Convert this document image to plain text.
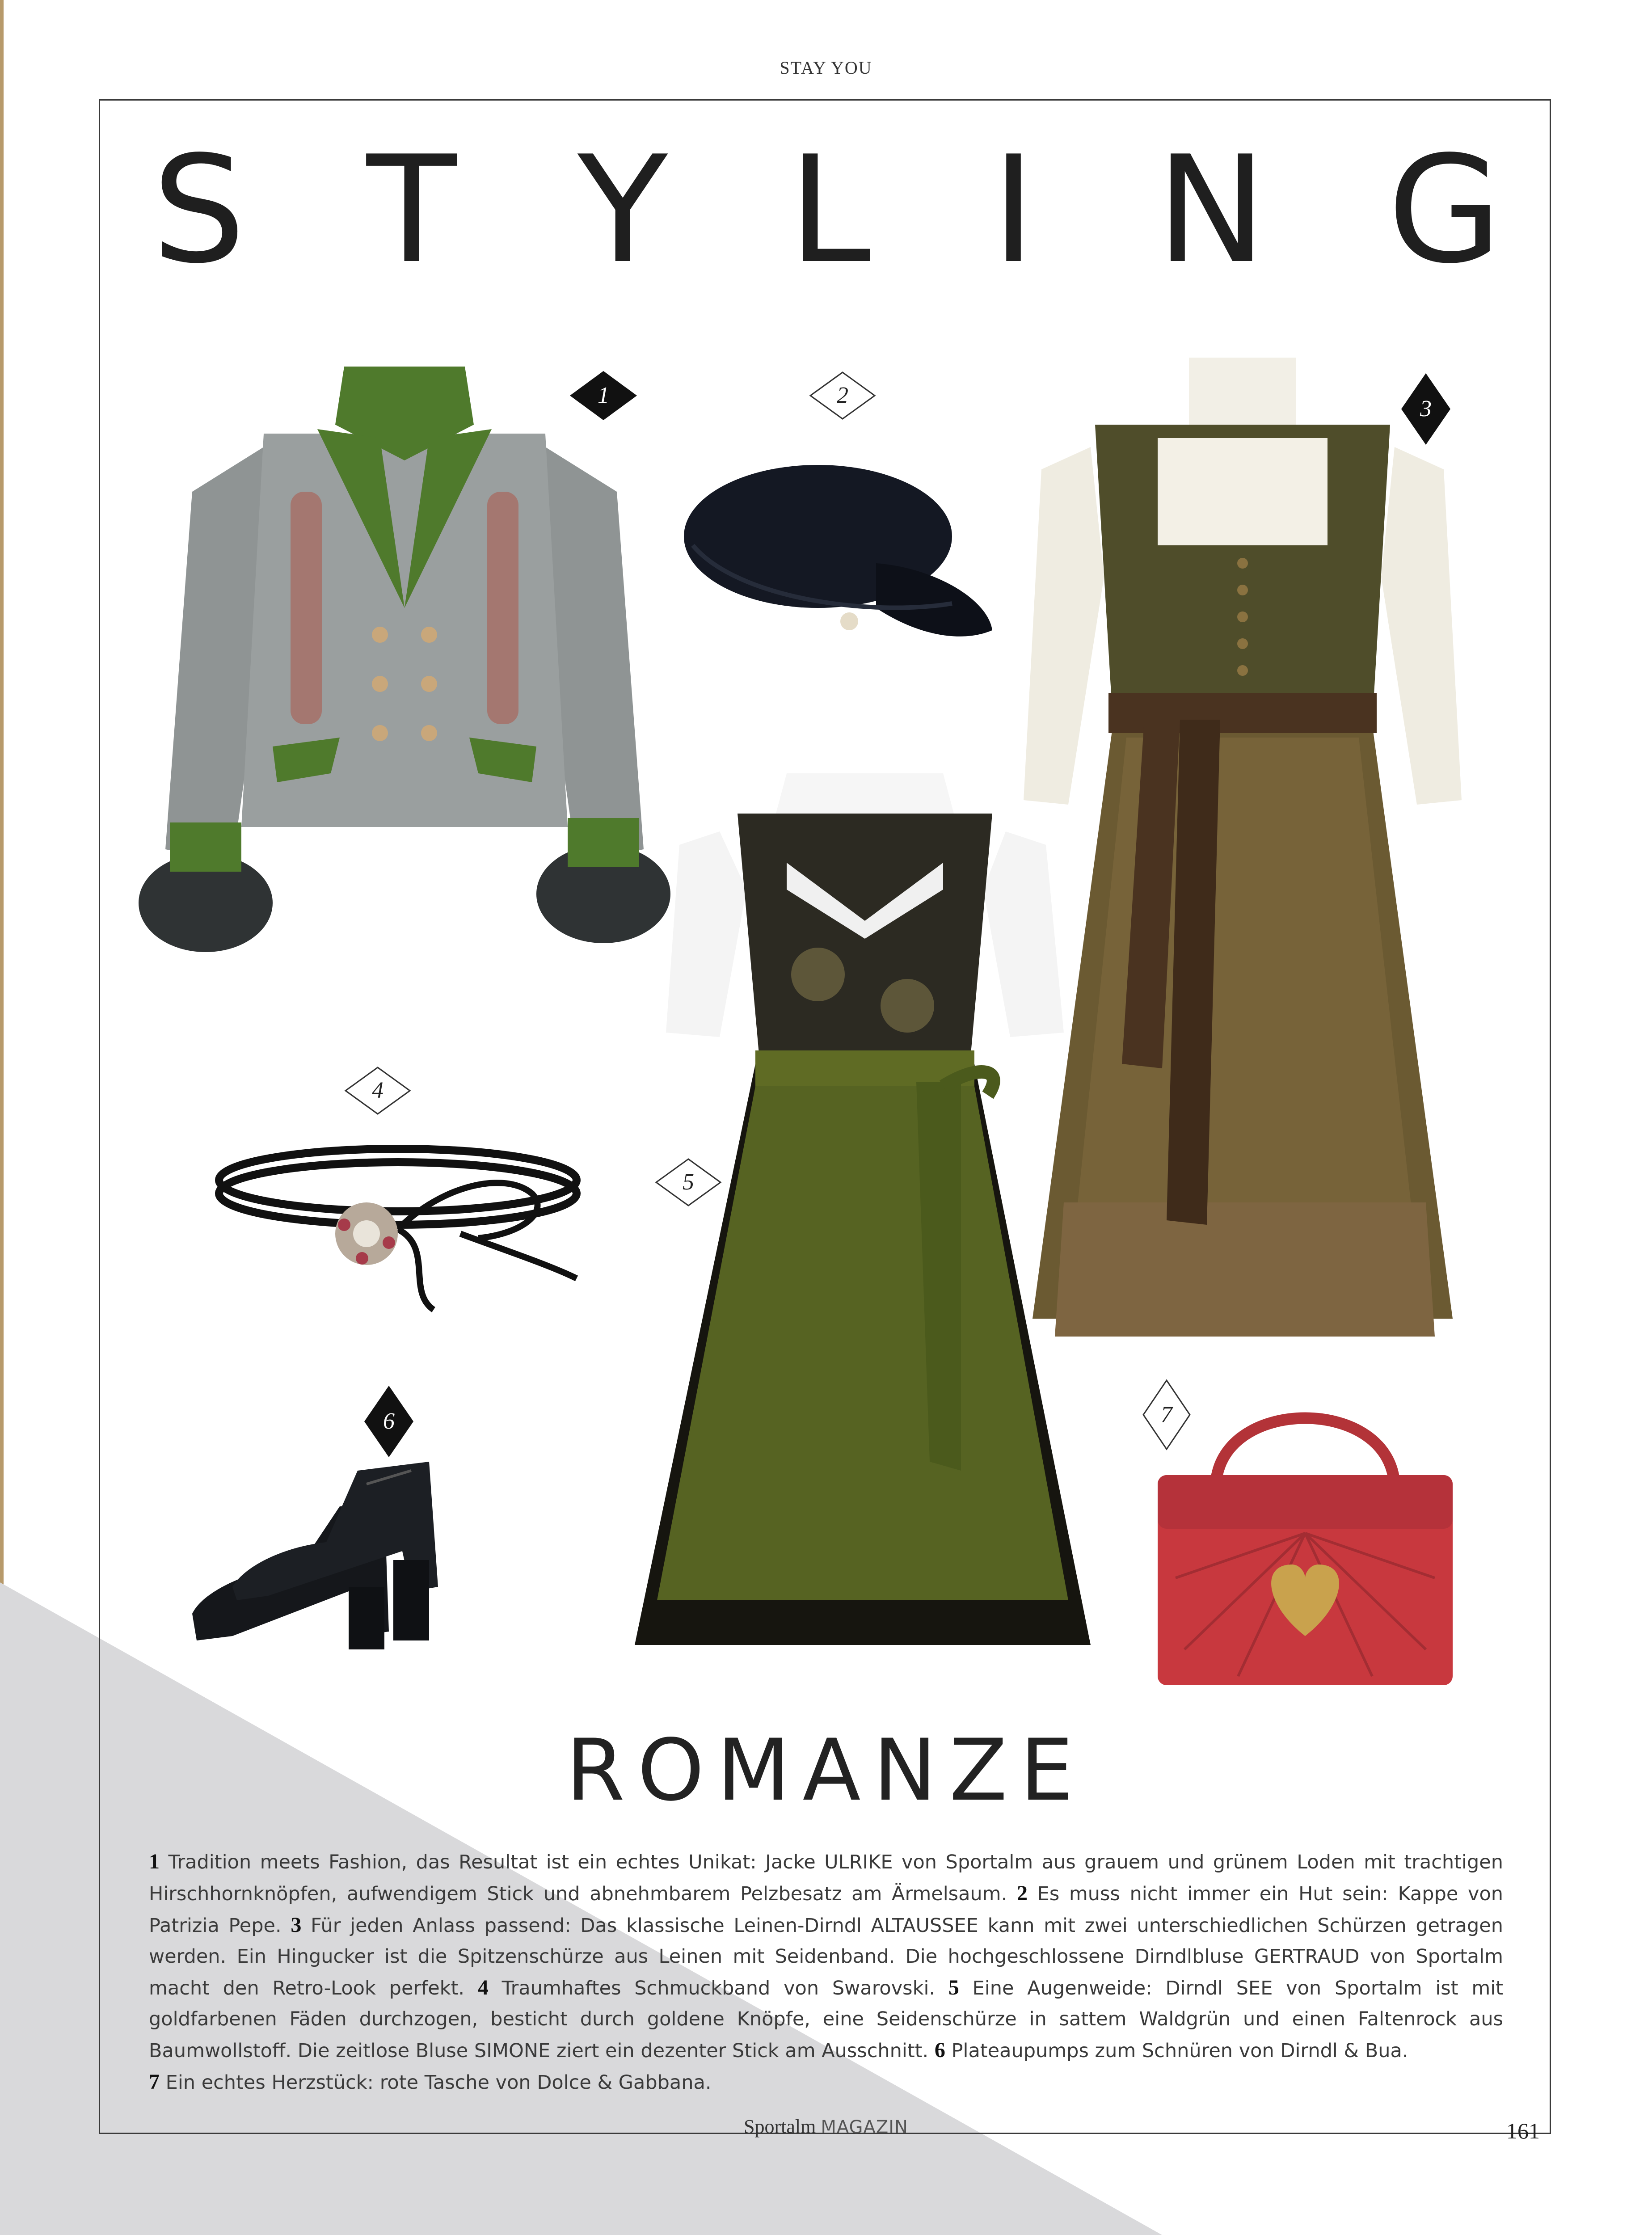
STAY YOU
S T Y L I N G
1	2
3
4
5
6	7
ROMANZE
1 Tradition meets Fashion, das Resultat ist ein echtes Unikat: Jacke ULRIKE von Sportalm aus grauem und grünem Loden mit trachtigen Hirschhornknöpfen, aufwendigem Stick und abnehmbarem Pelzbesatz am Ärmelsaum. 2 Es muss nicht immer ein Hut sein: Kappe von Patrizia Pepe. 3 Für jeden Anlass passend: Das klassische Leinen-Dirndl ALTAUSSEE kann mit zwei unterschiedlichen Schürzen getragen werden. Ein Hingucker ist die Spitzenschürze aus Leinen mit Seidenband. Die hochgeschlossene Dirndlbluse GERTRAUD von Sportalm macht den Retro-Look perfekt. 4 Traumhaftes Schmuckband von Swarovski. 5 Eine Augenweide: Dirndl SEE von Sportalm ist mit goldfarbenen Fäden durchzogen, besticht durch goldene Knöpfe, eine Seidenschürze in sattem Waldgrün und einen Faltenrock aus Baumwollstoff. Die zeitlose Bluse SIMONE ziert ein dezenter Stick am Ausschnitt. 6 Plateaupumps zum Schnüren von Dirndl & Bua.
7 Ein echtes Herzstück: rote Tasche von Dolce & Gabbana.
Sportalm MAGAZIN	161
